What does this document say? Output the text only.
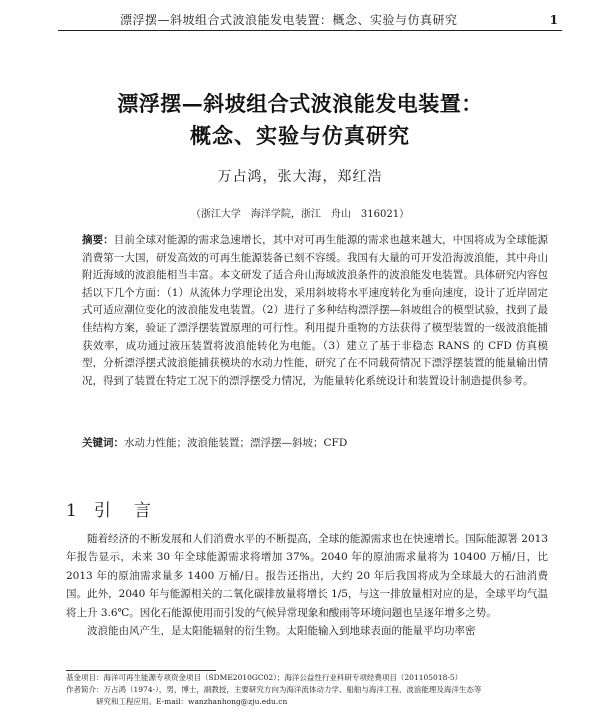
漂浮摆—斜坡组合式波浪能发电装置：概念、实验与仿真研究	1
漂浮摆—斜坡组合式波浪能发电装置：
概念、实验与仿真研究
万占鸿，张大海，郑红浩
（浙江大学　海洋学院，浙江　舟山　316021）
摘要：目前全球对能源的需求急速增长，其中对可再生能源的需求也越来越大，中国将成为全球能源消费第一大国，研发高效的可再生能源装备已刻不容缓。我国有大量的可开发沿海波浪能，其中舟山附近海域的波浪能相当丰富。本文研发了适合舟山海域波浪条件的波浪能发电装置。具体研究内容包括以下几个方面：（1）从流体力学理论出发，采用斜坡将水平速度转化为垂向速度，设计了近岸固定式可适应潮位变化的波浪能发电装置。（2）进行了多种结构漂浮摆—斜坡组合的模型试验，找到了最佳结构方案，验证了漂浮摆装置原理的可行性。利用提升重物的方法获得了模型装置的一级波浪能捕获效率，成功通过液压装置将波浪能转化为电能。（3）建立了基于非稳态 RANS 的 CFD 仿真模型，分析漂浮摆式波浪能捕获模块的水动力性能，研究了在不同载荷情况下漂浮摆装置的能量输出情况，得到了装置在特定工况下的漂浮摆受力情况，为能量转化系统设计和装置设计制造提供参考。
关键词：水动力性能；波浪能装置；漂浮摆—斜坡；CFD
1 引　言

随着经济的不断发展和人们消费水平的不断提高，全球的能源需求也在快速增长。国际能源署 2013 年报告显示，未来 30 年全球能源需求将增加 37%。2040 年的原油需求量将为 10400 万桶/日，比 2013 年的原油需求量多 1400 万桶/日。报告还指出，大约 20 年后我国将成为全球最大的石油消费国。此外，2040 年与能源相关的二氧化碳排放量将增长 1/5，与这一排放量相对应的是，全球平均气温将上升 3.6℃。因化石能源使用而引发的气候异常现象和酸雨等环境问题也呈逐年增多之势。

波浪能由风产生，是太阳能辐射的衍生物。太阳能输入到地球表面的能量平均功率密

基金项目：海洋可再生能源专项资金项目（SDME2010GC02）；海洋公益性行业科研专项经费项目（201105018-5）
作者简介：万占鸿（1974-），男，博士，副教授，主要研究方向为海洋流体动力学、船舶与海洋工程、波浪能理及海洋生态等
研究和工程应用。E-mail：wanzhanhong@zju.edu.cn
